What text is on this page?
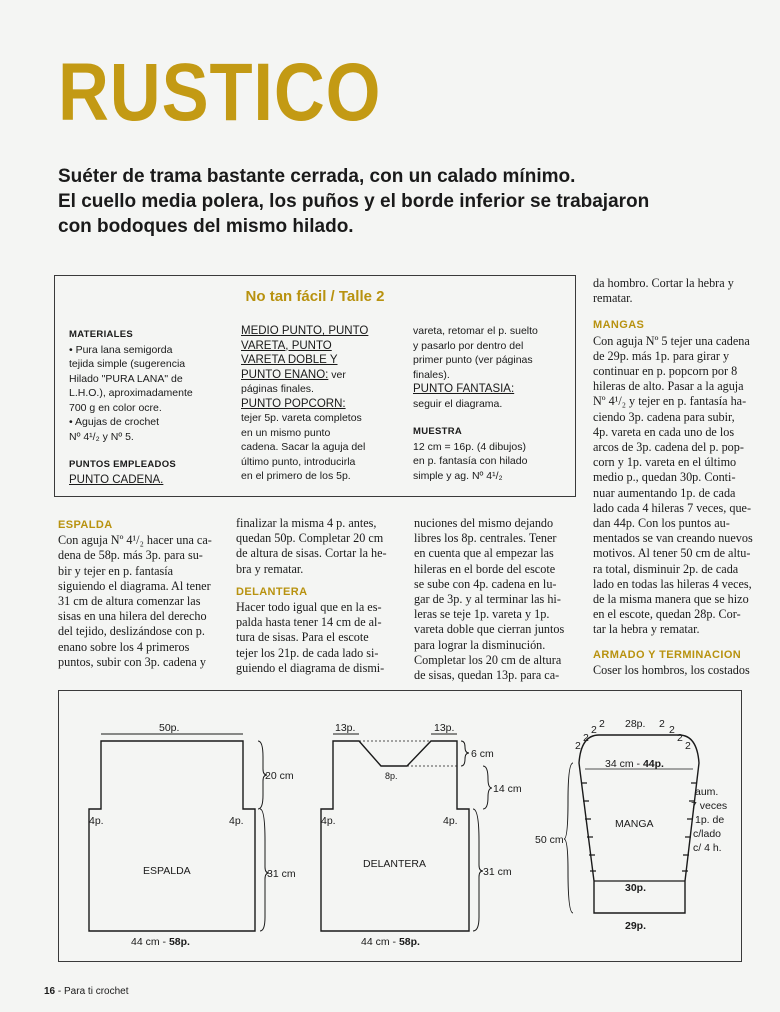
RUSTICO
Suéter de trama bastante cerrada, con un calado mínimo.
El cuello media polera, los puños y el borde inferior se trabajaron
con bodoques del mismo hilado.
No tan fácil / Talle 2
MATERIALES
• Pura lana semigorda
tejida simple (sugerencia
Hilado "PURA LANA" de
L.H.O.), aproximadamente
700 g en color ocre.
• Agujas de crochet
Nº 4¹/₂ y Nº 5.
PUNTOS EMPLEADOS
PUNTO CADENA.
MEDIO PUNTO, PUNTO
VARETA, PUNTO
VARETA DOBLE Y
PUNTO ENANO: ver
páginas finales.
PUNTO POPCORN:
tejer 5p. vareta completos
en un mismo punto
cadena. Sacar la aguja del
último punto, introducirla
en el primero de los 5p.
vareta, retomar el p. suelto
y pasarlo por dentro del
primer punto (ver páginas
finales).
PUNTO FANTASIA:
seguir el diagrama.
MUESTRA
12 cm = 16p. (4 dibujos)
en p. fantasía con hilado
simple y ag. Nº 4¹/₂
da hombro. Cortar la hebra y
rematar.
MANGAS
Con aguja Nº 5 tejer una cadena
de 29p. más 1p. para girar y
continuar en p. popcorn por 8
hileras de alto. Pasar a la aguja
Nº 4¹/₂ y tejer en p. fantasía ha-
ciendo 3p. cadena para subir,
4p. vareta en cada uno de los
arcos de 3p. cadena del p. pop-
corn y 1p. vareta en el último
medio p., quedan 30p. Conti-
nuar aumentando 1p. de cada
lado cada 4 hileras 7 veces, que-
dan 44p. Con los puntos au-
mentados se van creando nuevos
motivos. Al tener 50 cm de altu-
ra total, disminuir 2p. de cada
lado en todas las hileras 4 veces,
de la misma manera que se hizo
en el escote, quedan 28p. Cor-
tar la hebra y rematar.
ARMADO Y TERMINACION
Coser los hombros, los costados
ESPALDA
Con aguja Nº 4¹/₂ hacer una ca-
dena de 58p. más 3p. para su-
bir y tejer en p. fantasía
siguiendo el diagrama. Al tener
31 cm de altura comenzar las
sisas en una hilera del derecho
del tejido, deslizándose con p.
enano sobre los 4 primeros
puntos, subir con 3p. cadena y
finalizar la misma 4 p. antes,
quedan 50p. Completar 20 cm
de altura de sisas. Cortar la he-
bra y rematar.
DELANTERA
Hacer todo igual que en la es-
palda hasta tener 14 cm de al-
tura de sisas. Para el escote
tejer los 21p. de cada lado si-
guiendo el diagrama de dismi-
nuciones del mismo dejando
libres los 8p. centrales. Tener
en cuenta que al empezar las
hileras en el borde del escote
se sube con 4p. cadena en lu-
gar de 3p. y al terminar las hi-
leras se teje 1p. vareta y 1p.
vareta doble que cierran juntos
para lograr la disminución.
Completar los 20 cm de altura
de sisas, quedan 13p. para ca-
50p.
4p.	4p.
ESPALDA
20 cm
31 cm
44 cm - 58p.
13p.	13p.
8p.
4p.	4p.
DELANTERA
6 cm
14 cm
31 cm
44 cm - 58p.
28p.
2
2
2 2	2 2
2
2
34 cm - 44p.
MANGA
50 cm
aum.
7 veces
1p. de
c/lado
c/ 4 h.
30p.
29p.
16 - Para ti crochet
